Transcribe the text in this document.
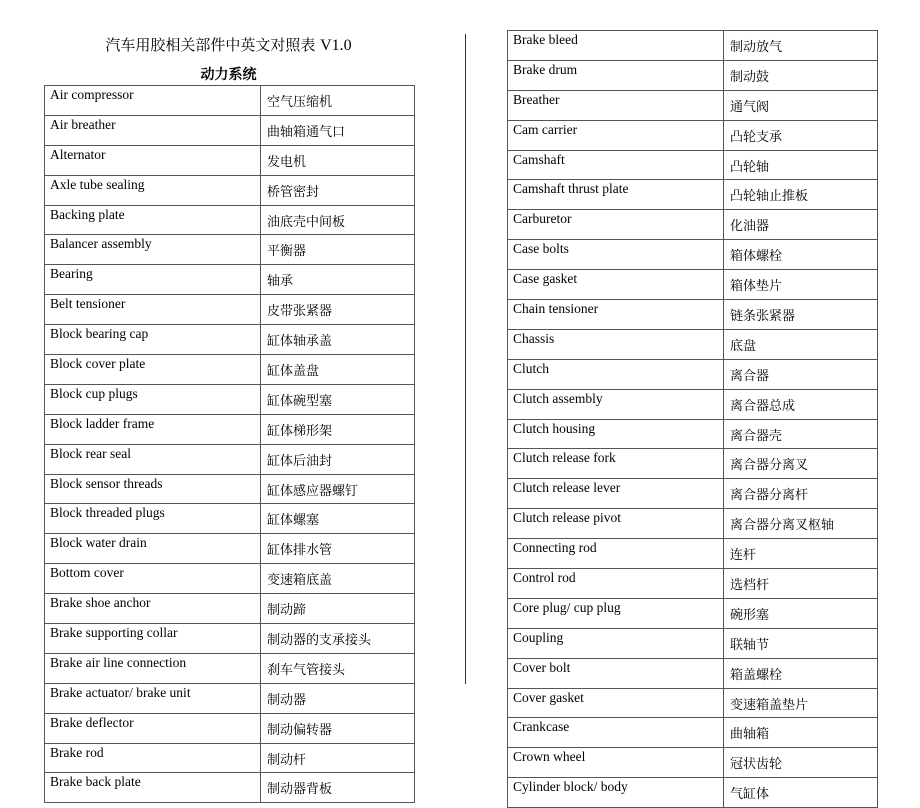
汽车用胶相关部件中英文对照表 V1.0
动力系统
Air compressor	空气压缩机
Air breather	曲轴箱通气口
Alternator	发电机
Axle tube sealing	桥管密封
Backing plate	油底壳中间板
Balancer assembly	平衡器
Bearing	轴承
Belt tensioner	皮带张紧器
Block bearing cap	缸体轴承盖
Block cover plate	缸体盖盘
Block cup plugs	缸体碗型塞
Block ladder frame	缸体梯形架
Block rear seal	缸体后油封
Block sensor threads	缸体感应器螺钉
Block threaded plugs	缸体螺塞
Block water drain	缸体排水管
Bottom cover	变速箱底盖
Brake shoe anchor	制动蹄
Brake supporting collar	制动器的支承接头
Brake air line connection	刹车气管接头
Brake actuator/ brake unit	制动器
Brake deflector	制动偏转器
Brake rod	制动杆
Brake back plate	制动器背板
Brake bleed	制动放气
Brake drum	制动鼓
Breather	通气阀
Cam carrier	凸轮支承
Camshaft	凸轮轴
Camshaft thrust plate	凸轮轴止推板
Carburetor	化油器
Case bolts	箱体螺栓
Case gasket	箱体垫片
Chain tensioner	链条张紧器
Chassis	底盘
Clutch	离合器
Clutch assembly	离合器总成
Clutch housing	离合器壳
Clutch release fork	离合器分离叉
Clutch release lever	离合器分离杆
Clutch release pivot	离合器分离叉枢轴
Connecting rod	连杆
Control rod	选档杆
Core plug/ cup plug	碗形塞
Coupling	联轴节
Cover bolt	箱盖螺栓
Cover gasket	变速箱盖垫片
Crankcase	曲轴箱
Crown wheel	冠状齿轮
Cylinder block/ body	气缸体
